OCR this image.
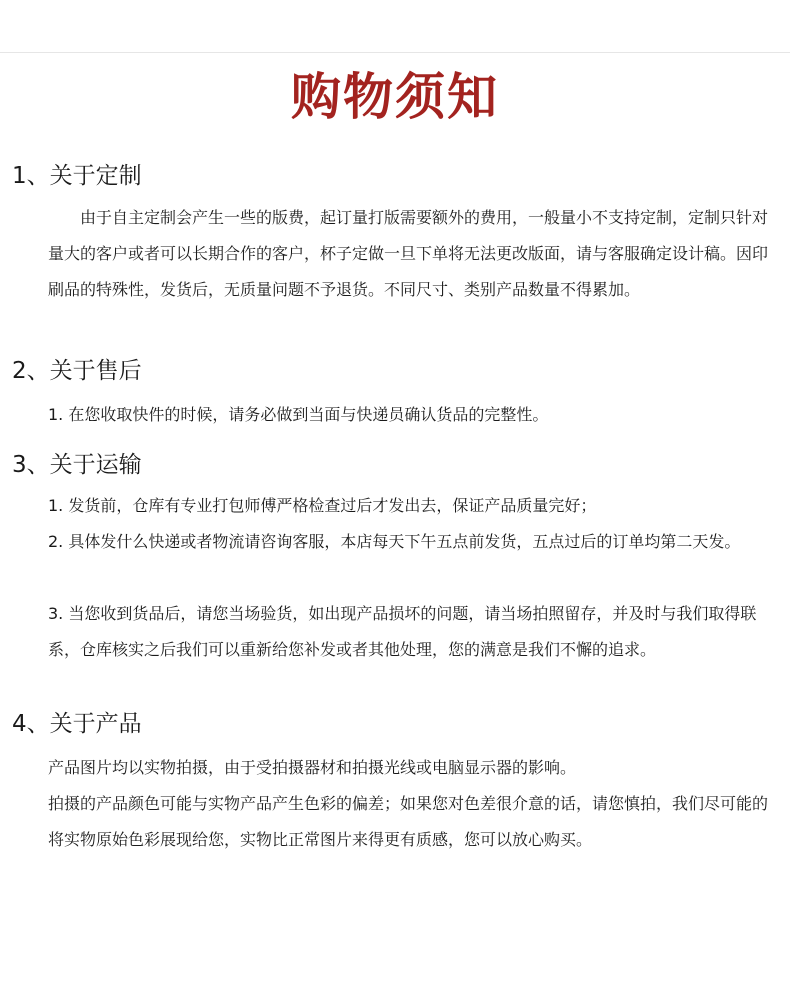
购物须知
1、关于定制

由于自主定制会产生一些的版费，起订量打版需要额外的费用，一般量小不支持定制，定制只针对量大的客户或者可以长期合作的客户，杯子定做一旦下单将无法更改版面，请与客服确定设计稿。因印刷品的特殊性，发货后，无质量问题不予退货。不同尺寸、类别产品数量不得累加。

2、关于售后

1. 在您收取快件的时候，请务必做到当面与快递员确认货品的完整性。

3、关于运输

1. 发货前，仓库有专业打包师傅严格检查过后才发出去，保证产品质量完好；

2. 具体发什么快递或者物流请咨询客服，本店每天下午五点前发货，五点过后的订单均第二天发。

3. 当您收到货品后，请您当场验货，如出现产品损坏的问题，请当场拍照留存，并及时与我们取得联系，仓库核实之后我们可以重新给您补发或者其他处理，您的满意是我们不懈的追求。

4、关于产品

产品图片均以实物拍摄，由于受拍摄器材和拍摄光线或电脑显示器的影响。

拍摄的产品颜色可能与实物产品产生色彩的偏差；如果您对色差很介意的话，请您慎拍，我们尽可能的将实物原始色彩展现给您，实物比正常图片来得更有质感，您可以放心购买。
